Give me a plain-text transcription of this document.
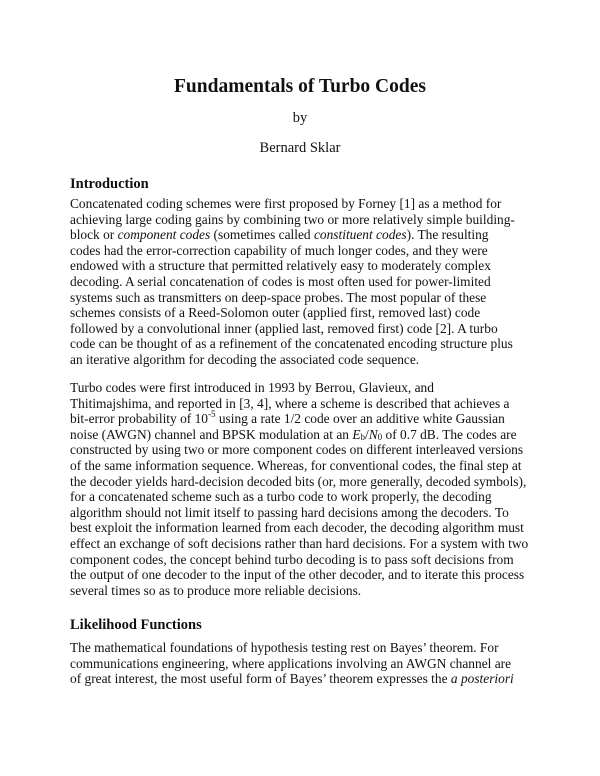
Fundamentals of Turbo Codes
by
Bernard Sklar
Introduction
Concatenated coding schemes were first proposed by Forney [1] as a method for
achieving large coding gains by combining two or more relatively simple building-
block or component codes (sometimes called constituent codes). The resulting
codes had the error-correction capability of much longer codes, and they were
endowed with a structure that permitted relatively easy to moderately complex
decoding. A serial concatenation of codes is most often used for power-limited
systems such as transmitters on deep-space probes. The most popular of these
schemes consists of a Reed-Solomon outer (applied first, removed last) code
followed by a convolutional inner (applied last, removed first) code [2]. A turbo
code can be thought of as a refinement of the concatenated encoding structure plus
an iterative algorithm for decoding the associated code sequence.
Turbo codes were first introduced in 1993 by Berrou, Glavieux, and
Thitimajshima, and reported in [3, 4], where a scheme is described that achieves a
bit-error probability of $10^{-5}$ using a rate 1/2 code over an additive white Gaussian
noise (AWGN) channel and BPSK modulation at an $E_b/N_0$ of 0.7 dB. The codes are
constructed by using two or more component codes on different interleaved versions
of the same information sequence. Whereas, for conventional codes, the final step at
the decoder yields hard-decision decoded bits (or, more generally, decoded symbols),
for a concatenated scheme such as a turbo code to work properly, the decoding
algorithm should not limit itself to passing hard decisions among the decoders. To
best exploit the information learned from each decoder, the decoding algorithm must
effect an exchange of soft decisions rather than hard decisions. For a system with two
component codes, the concept behind turbo decoding is to pass soft decisions from
the output of one decoder to the input of the other decoder, and to iterate this process
several times so as to produce more reliable decisions.
Likelihood Functions
The mathematical foundations of hypothesis testing rest on Bayes’ theorem. For
communications engineering, where applications involving an AWGN channel are
of great interest, the most useful form of Bayes’ theorem expresses the a posteriori
